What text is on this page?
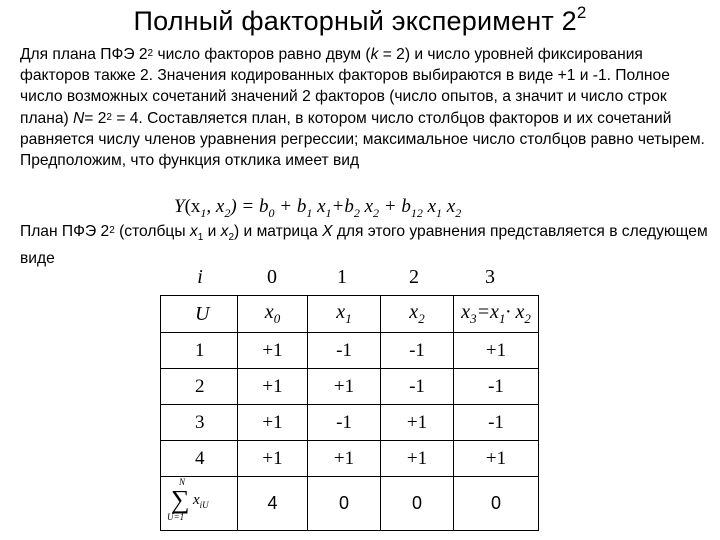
Полный факторный эксперимент $2^2$
Для плана ПФЭ $2^2$ число факторов равно двум (k = 2) и число уровней фиксирования факторов также 2. Значения кодированных факторов выбираются в виде +1 и -1. Полное число возможных сочетаний значений 2 факторов (число опытов, а значит и число строк плана) $N= 2^2 = 4$. Составляется план, в котором число столбцов факторов и их сочетаний равняется числу членов уравнения регрессии; максимальное число столбцов равно четырем. Предположим, что функция отклика имеет вид
$Y(x_1$, $x_2) = b_0 + b_1$ $x_1+b_2$ $x_2 + b_{12}$ $x_1$ $x_2$
План ПФЭ $2^2$ (столбцы $x_1$ и $x_2$) и матрица X для этого уравнения представляется в следующем виде
i	0	1	2	3
U	$x_0$	$x_1$	$x_2$	$x_3=x_1\cdot x_2$
1	+1	-1	-1	+1
2	+1	+1	-1	-1
3	+1	-1	+1	-1
4	+1	+1	+1	+1

N
∑
U=1
$x_{iU}$	4	0	0	0
